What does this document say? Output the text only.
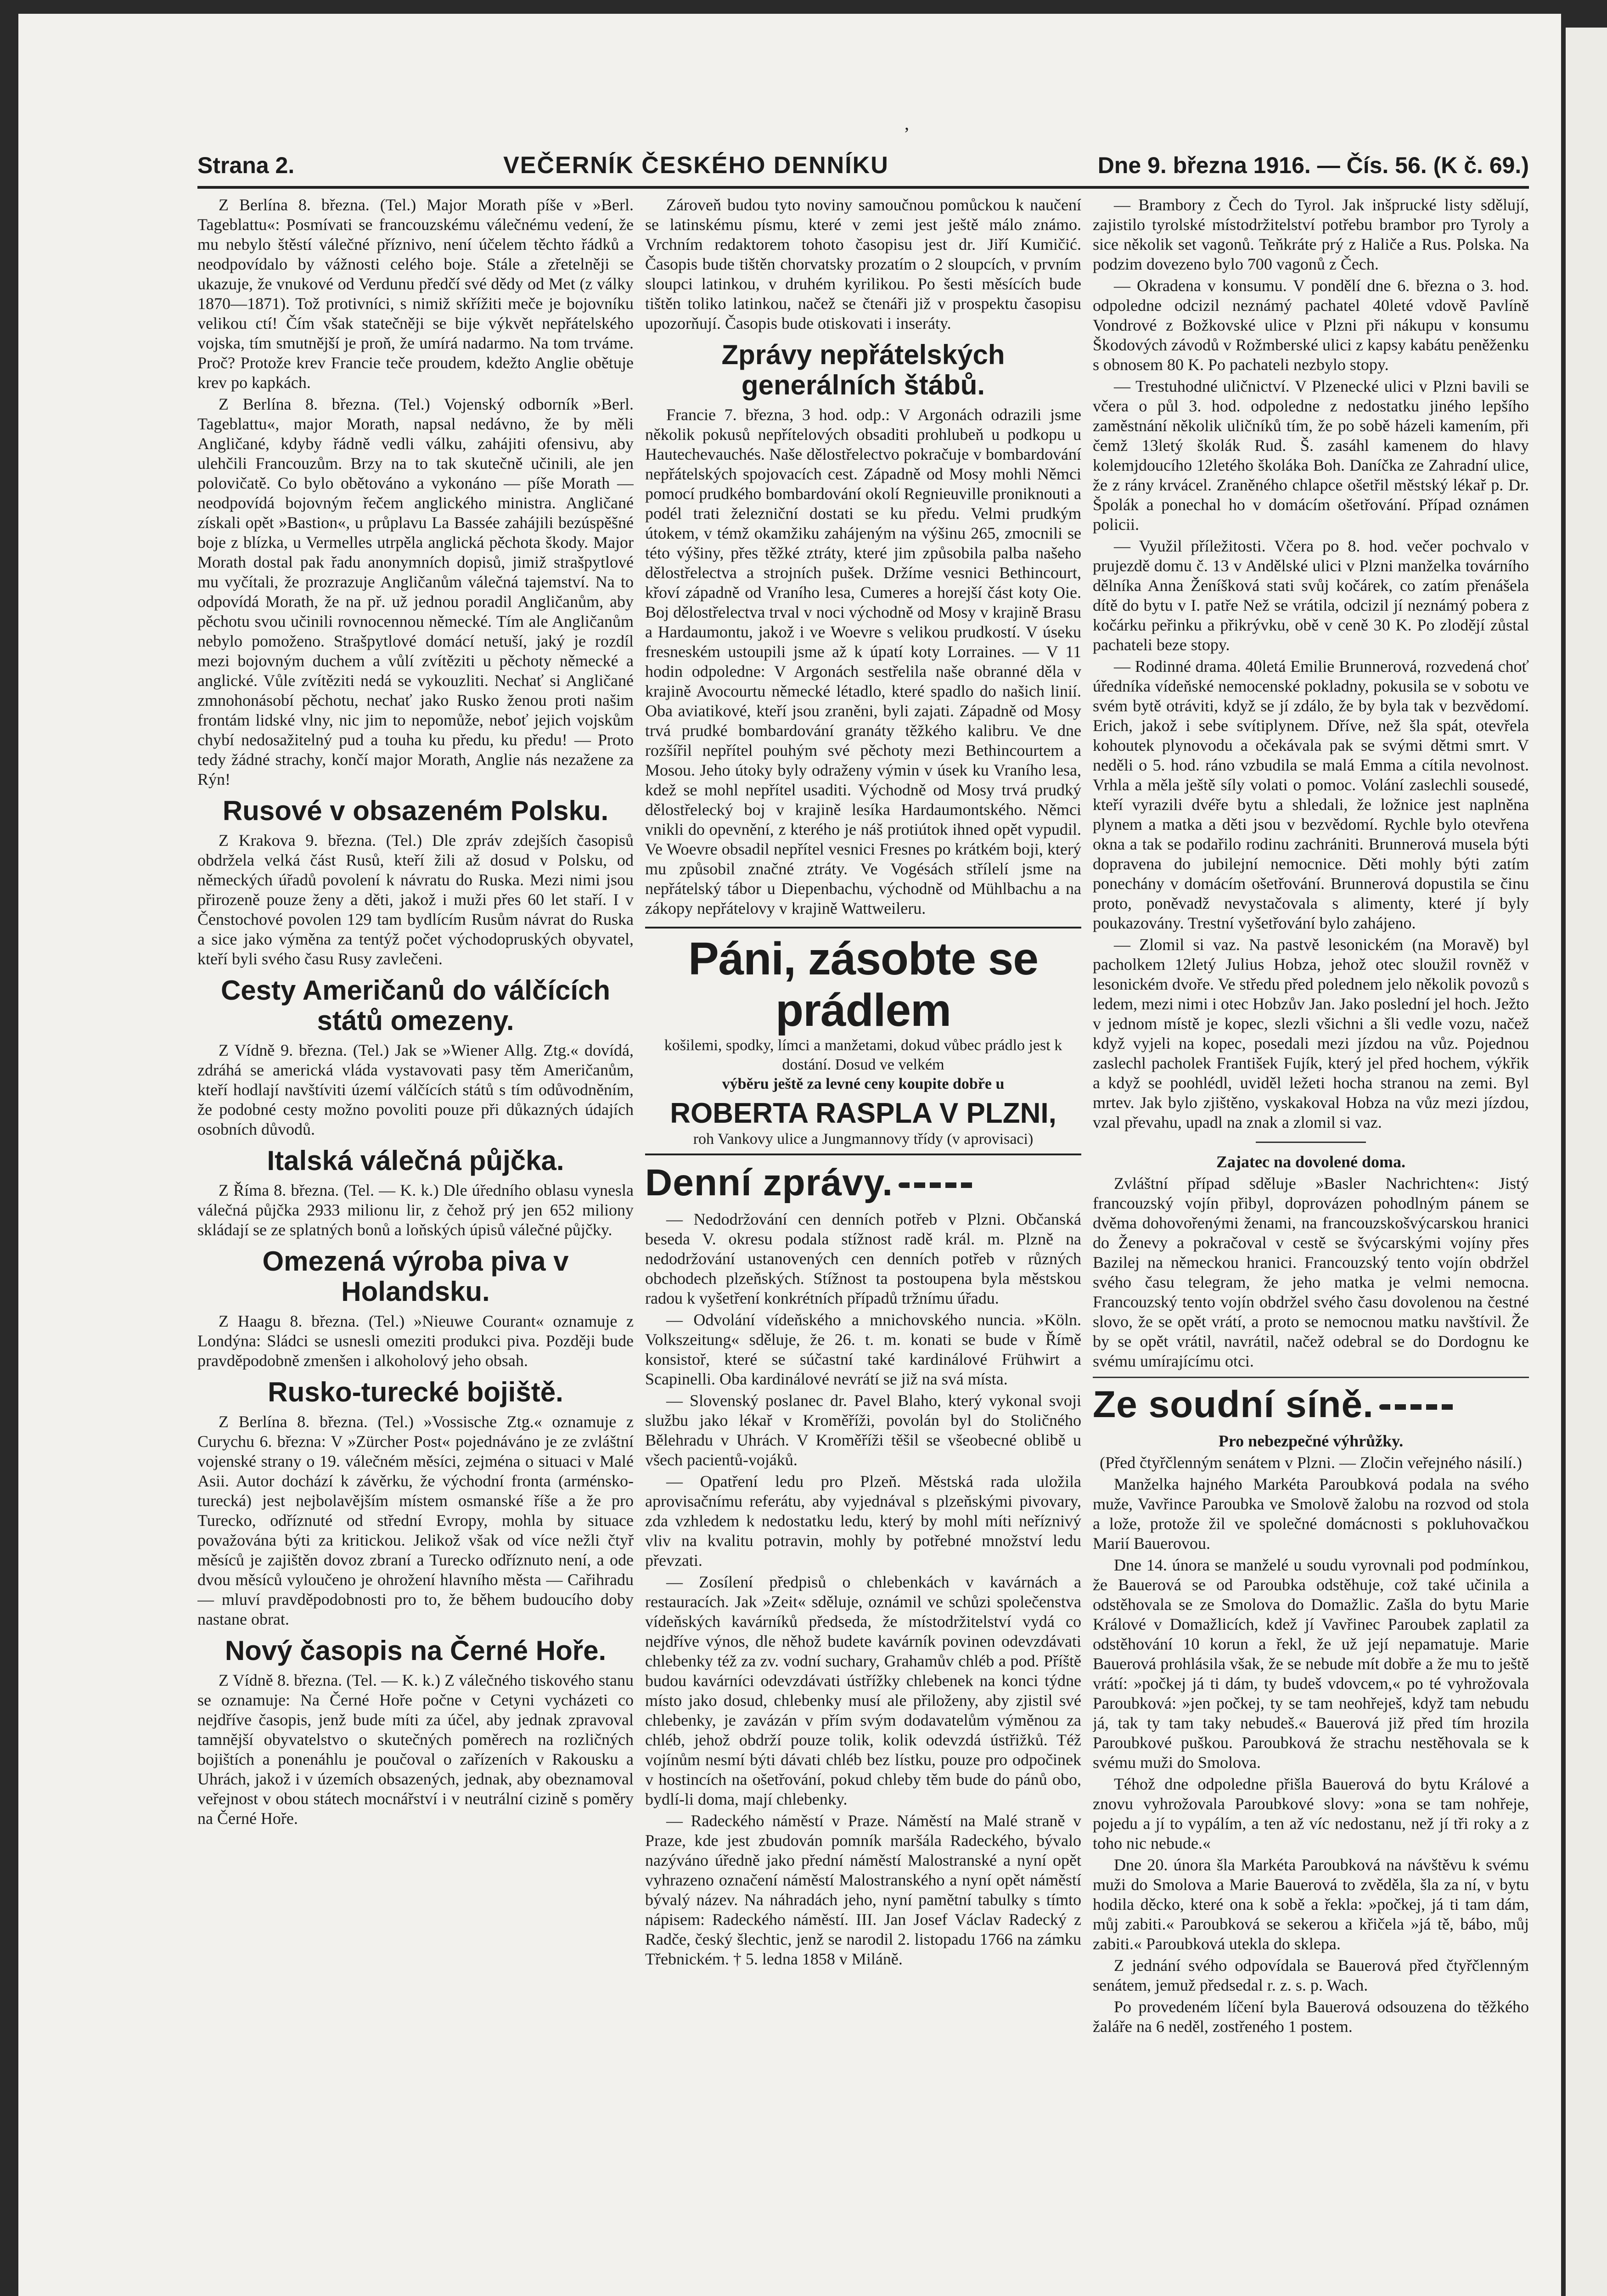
,
Strana 2.	VEČERNÍK ČESKÉHO DENNÍKU	Dne 9. března 1916. — Čís. 56. (K č. 69.)

Z Berlína 8. března. (Tel.) Major Morath píše v »Berl. Tageblattu«: Posmívati se francouzskému válečnému vedení, že mu nebylo štěstí válečné příznivo, není účelem těchto řádků a neodpovídalo by vážnosti celého boje. Stále a zřetelněji se ukazuje, že vnukové od Verdunu předčí své dědy od Met (z války 1870—1871). Tož protivníci, s nimiž skřížiti meče je bojovníku velikou ctí! Čím však statečněji se bije výkvět nepřátelského vojska, tím smutnější je proň, že umírá nadarmo. Na tom trváme. Proč? Protože krev Francie teče proudem, kdežto Anglie obětuje krev po kapkách.

Z Berlína 8. března. (Tel.) Vojenský odborník »Berl. Tageblattu«, major Morath, napsal nedávno, že by měli Angličané, kdyby řádně vedli válku, zahájiti ofensivu, aby ulehčili Francouzům. Brzy na to tak skutečně učinili, ale jen polovičatě. Co bylo obětováno a vykonáno — píše Morath — neodpovídá bojovným řečem anglického ministra. Angličané získali opět »Bastion«, u průplavu La Bassée zahájili bezúspěšné boje z blízka, u Vermelles utrpěla anglická pěchota škody. Major Morath dostal pak řadu anonymních dopisů, jimiž strašpytlové mu vyčítali, že prozrazuje Angličanům válečná tajemství. Na to odpovídá Morath, že na př. už jednou poradil Angličanům, aby pěchotu svou učinili rovnocennou německé. Tím ale Angličanům nebylo pomoženo. Strašpytlové domácí netuší, jaký je rozdíl mezi bojovným duchem a vůlí zvítěziti u pěchoty německé a anglické. Vůle zvítěziti nedá se vykouzliti. Nechať si Angličané zmnohonásobí pěchotu, nechať jako Rusko ženou proti našim frontám lidské vlny, nic jim to nepomůže, neboť jejich vojskům chybí nedosažitelný pud a touha ku předu, ku předu! — Proto tedy žádné strachy, končí major Morath, Anglie nás nezažene za Rýn!

Rusové v obsazeném Polsku.

Z Krakova 9. března. (Tel.) Dle zpráv zdejších časopisů obdržela velká část Rusů, kteří žili až dosud v Polsku, od německých úřadů povolení k návratu do Ruska. Mezi nimi jsou přirozeně pouze ženy a děti, jakož i muži přes 60 let staří. I v Čenstochové povolen 129 tam bydlícím Rusům návrat do Ruska a sice jako výměna za tentýž počet východopruských obyvatel, kteří byli svého času Rusy zavlečeni.

Cesty Američanů do válčících států omezeny.

Z Vídně 9. března. (Tel.) Jak se »Wiener Allg. Ztg.« dovídá, zdráhá se americká vláda vystavovati pasy těm Američanům, kteří hodlají navštíviti území válčících států s tím odůvodněním, že podobné cesty možno povoliti pouze při důkazných údajích osobních důvodů.

Italská válečná půjčka.

Z Říma 8. března. (Tel. — K. k.) Dle úředního oblasu vynesla válečná půjčka 2933 milionu lir, z čehož prý jen 652 miliony skládají se ze splatných bonů a loňských úpisů válečné půjčky.

Omezená výroba piva v Holandsku.

Z Haagu 8. března. (Tel.) »Nieuwe Courant« oznamuje z Londýna: Sládci se usnesli omeziti produkci piva. Později bude pravděpodobně zmenšen i alkoholový jeho obsah.

Rusko-turecké bojiště.

Z Berlína 8. března. (Tel.) »Vossische Ztg.« oznamuje z Curychu 6. března: V »Zürcher Post« pojednáváno je ze zvláštní vojenské strany o 19. válečném měsíci, zejména o situaci v Malé Asii. Autor dochází k závěrku, že východní fronta (arménsko-turecká) jest nejbolavějším místem osmanské říše a že pro Turecko, odříznuté od střední Evropy, mohla by situace považována býti za kritickou. Jelikož však od více nežli čtyř měsíců je zajištěn dovoz zbraní a Turecko odříznuto není, a ode dvou měsíců vyloučeno je ohrožení hlavního města — Cařihradu — mluví pravděpodobnosti pro to, že během budoucího doby nastane obrat.

Nový časopis na Černé Hoře.

Z Vídně 8. března. (Tel. — K. k.) Z válečného tiskového stanu se oznamuje: Na Černé Hoře počne v Cetyni vycházeti co nejdříve časopis, jenž bude míti za účel, aby jednak zpravoval tamnější obyvatelstvo o skutečných poměrech na rozličných bojištích a ponenáhlu je poučoval o zařízeních v Rakousku a Uhrách, jakož i v územích obsazených, jednak, aby obeznamoval veřejnost v obou státech mocnářství i v neutrální cizině s poměry na Černé Hoře.

Zároveň budou tyto noviny samoučnou pomůckou k naučení se latinskému písmu, které v zemi jest ještě málo známo. Vrchním redaktorem tohoto časopisu jest dr. Jiří Kumičić. Časopis bude tištěn chorvatsky prozatím o 2 sloupcích, v prvním sloupci latinkou, v druhém kyrilikou. Po šesti měsících bude tištěn toliko latinkou, načež se čtenáři již v prospektu časopisu upozorňují. Časopis bude otiskovati i inseráty.

Zprávy nepřátelských generálních štábů.

Francie 7. března, 3 hod. odp.: V Argonách odrazili jsme několik pokusů nepřítelových obsaditi prohlubeň u podkopu u Hautechevauchés. Naše dělostřelectvo pokračuje v bombardování nepřátelských spojovacích cest. Západně od Mosy mohli Němci pomocí prudkého bombardování okolí Regnieuville proniknouti a podél trati železniční dostati se ku předu. Velmi prudkým útokem, v témž okamžiku zahájeným na výšinu 265, zmocnili se této výšiny, přes těžké ztráty, které jim způsobila palba našeho dělostřelectva a strojních pušek. Držíme vesnici Bethincourt, křoví západně od Vraního lesa, Cumeres a horejší část koty Oie. Boj dělostřelectva trval v noci východně od Mosy v krajině Brasu a Hardaumontu, jakož i ve Woevre s velikou prudkostí. V úseku fresneském ustoupili jsme až k úpatí koty Lorraines. — V 11 hodin odpoledne: V Argonách sestřelila naše obranné děla v krajině Avocourtu německé létadlo, které spadlo do našich linií. Oba aviatikové, kteří jsou zraněni, byli zajati. Západně od Mosy trvá prudké bombardování granáty těžkého kalibru. Ve dne rozšířil nepřítel pouhým své pěchoty mezi Bethincourtem a Mosou. Jeho útoky byly odraženy výmin v úsek ku Vraního lesa, kdež se mohl nepřítel usaditi. Východně od Mosy trvá prudký dělostřelecký boj v krajině lesíka Hardaumontského. Němci vnikli do opevnění, z kterého je náš protiútok ihned opět vypudil. Ve Woevre obsadil nepřítel vesnici Fresnes po krátkém boji, který mu způsobil značné ztráty. Ve Vogésách střílelí jsme na nepřátelský tábor u Diepenbachu, východně od Mühlbachu a na zákopy nepřátelovy v krajině Wattweileru.

Páni, zásobte se prádlem
košilemi, spodky, límci a manžetami, dokud vůbec prádlo jest k dostání. Dosud ve velkém
výběru ještě za levné ceny koupite dobře u
ROBERTA RASPLA V PLZNI,
roh Vankovy ulice a Jungmannovy třídy (v aprovisaci)
Denní zprávy.

— Nedodržování cen denních potřeb v Plzni. Občanská beseda V. okresu podala stížnost radě král. m. Plzně na nedodržování ustanovených cen denních potřeb v různých obchodech plzeňských. Stížnost ta postoupena byla městskou radou k vyšetření konkrétních případů tržnímu úřadu.

— Odvolání vídeňského a mnichovského nuncia. »Köln. Volkszeitung« sděluje, že 26. t. m. konati se bude v Římě konsistoř, které se súčastní také kardinálové Frühwirt a Scapinelli. Oba kardinálové nevrátí se již na svá místa.

— Slovenský poslanec dr. Pavel Blaho, který vykonal svoji službu jako lékař v Kroměříži, povolán byl do Stoličného Bělehradu v Uhrách. V Kroměříži těšil se všeobecné oblibě u všech pacientů-vojáků.

— Opatření ledu pro Plzeň. Městská rada uložila aprovisačnímu referátu, aby vyjednával s plzeňskými pivovary, zda vzhledem k nedostatku ledu, který by mohl míti neříznivý vliv na kvalitu potravin, mohly by potřebné množství ledu převzati.

— Zosílení předpisů o chlebenkách v kavárnách a restauracích. Jak »Zeit« sděluje, oznámil ve schůzi společenstva vídeňských kavárníků předseda, že místodržitelství vydá co nejdříve výnos, dle něhož budete kavárník povinen odevzdávati chlebenky též za zv. vodní suchary, Grahamův chléb a pod. Příště budou kavárníci odevzdávati ústřížky chlebenek na konci týdne místo jako dosud, chlebenky musí ale přiloženy, aby zjistil své chlebenky, je zavázán v přím svým dodavatelům výměnou za chléb, jehož obdrží pouze tolik, kolik odevzdá ústřižků. Též vojínům nesmí býti dávati chléb bez lístku, pouze pro odpočinek v hostincích na ošetřování, pokud chleby těm bude do pánů obo, bydlí-li doma, mají chlebenky.

— Radeckého náměstí v Praze. Náměstí na Malé straně v Praze, kde jest zbudován pomník maršála Radeckého, bývalo nazýváno úředně jako přední náměstí Malostranské a nyní opět vyhrazeno označení náměstí Malostranského a nyní opět náměstí bývalý název. Na náhradách jeho, nyní pamětní tabulky s tímto nápisem: Radeckého náměstí. III. Jan Josef Václav Radecký z Radče, český šlechtic, jenž se narodil 2. listopadu 1766 na zámku Třebnickém. † 5. ledna 1858 v Miláně.

— Brambory z Čech do Tyrol. Jak inšprucké listy sdělují, zajistilo tyrolské místodržitelství potřebu brambor pro Tyroly a sice několik set vagonů. Teňkráte prý z Haliče a Rus. Polska. Na podzim dovezeno bylo 700 vagonů z Čech.

— Okradena v konsumu. V pondělí dne 6. března o 3. hod. odpoledne odcizil neznámý pachatel 40leté vdově Pavlíně Vondrové z Božkovské ulice v Plzni při nákupu v konsumu Škodových závodů v Rožmberské ulici z kapsy kabátu peněženku s obnosem 80 K. Po pachateli nezbylo stopy.

— Trestuhodné uličnictví. V Plzenecké ulici v Plzni bavili se včera o půl 3. hod. odpoledne z nedostatku jiného lepšího zaměstnání několik uličníků tím, že po sobě házeli kamením, při čemž 13letý školák Rud. Š. zasáhl kamenem do hlavy kolemjdoucího 12letého školáka Boh. Daníčka ze Zahradní ulice, že z rány krvácel. Zraněného chlapce ošetřil městský lékař p. Dr. Špolák a ponechal ho v domácím ošetřování. Případ oznámen policii.

— Využil příležitosti. Včera po 8. hod. večer pochvalo v prujezdě domu č. 13 v Andělské ulici v Plzni manželka továrního dělníka Anna Ženíšková stati svůj kočárek, co zatím přenášela dítě do bytu v I. patře Než se vrátila, odcizil jí neznámý pobera z kočárku peřinku a přikrývku, obě v ceně 30 K. Po zlodějí zůstal pachateli beze stopy.

— Rodinné drama. 40letá Emilie Brunnerová, rozvedená choť úředníka vídeňské nemocenské pokladny, pokusila se v sobotu ve svém bytě otráviti, když se jí zdálo, že by byla tak v bezvědomí. Erich, jakož i sebe svítiplynem. Dříve, než šla spát, otevřela kohoutek plynovodu a očekávala pak se svými dětmi smrt. V neděli o 5. hod. ráno vzbudila se malá Emma a cítila nevolnost. Vrhla a měla ještě síly volati o pomoc. Volání zaslechli sousedé, kteří vyrazili dvéře bytu a shledali, že ložnice jest naplněna plynem a matka a děti jsou v bezvědomí. Rychle bylo otevřena okna a tak se podařilo rodinu zachrániti. Brunnerová musela býti dopravena do jubilejní nemocnice. Děti mohly býti zatím ponechány v domácím ošetřování. Brunnerová dopustila se činu proto, poněvadž nevystačovala s alimenty, které jí byly poukazovány. Trestní vyšetřování bylo zahájeno.

— Zlomil si vaz. Na pastvě lesonickém (na Moravě) byl pacholkem 12letý Julius Hobza, jehož otec sloužil rovněž v lesonickém dvoře. Ve středu před polednem jelo několik povozů s ledem, mezi nimi i otec Hobzův Jan. Jako poslední jel hoch. Ježto v jednom místě je kopec, slezli všichni a šli vedle vozu, načež když vyjeli na kopec, posedali mezi jízdou na vůz. Pojednou zaslechl pacholek František Fujík, který jel před hochem, výkřik a když se poohlédl, uviděl ležeti hocha stranou na zemi. Byl mrtev. Jak bylo zjištěno, vyskakoval Hobza na vůz mezi jízdou, vzal převahu, upadl na znak a zlomil si vaz.

Zajatec na dovolené doma.

Zvláštní případ sděluje »Basler Nachrichten«: Jistý francouzský vojín přibyl, doprovázen pohodlným pánem se dvěma dohovořenými ženami, na francouzskošvýcarskou hranici do Ženevy a pokračoval v cestě se švýcarskými vojíny přes Bazilej na německou hranici. Francouzský tento vojín obdržel svého času telegram, že jeho matka je velmi nemocna. Francouzský tento vojín obdržel svého času dovolenou na čestné slovo, že se opět vrátí, a proto se nemocnou matku navštívil. Že by se opět vrátil, navrátil, načež odebral se do Dordognu ke svému umírajícímu otci.

Ze soudní síně.

Pro nebezpečné výhrůžky.

(Před čtyřčlenným senátem v Plzni. — Zločin veřejného násilí.)

Manželka hajného Markéta Paroubková podala na svého muže, Vavřince Paroubka ve Smolově žalobu na rozvod od stola a lože, protože žil ve společné domácnosti s pokluhovačkou Marií Bauerovou.

Dne 14. února se manželé u soudu vyrovnali pod podmínkou, že Bauerová se od Paroubka odstěhuje, což také učinila a odstěhovala se ze Smolova do Domažlic. Zašla do bytu Marie Králové v Domažlicích, kdež jí Vavřinec Paroubek zaplatil za odstěhování 10 korun a řekl, že už její nepamatuje. Marie Bauerová prohlásila však, že se nebude mít dobře a že mu to ještě vrátí: »počkej já ti dám, ty budeš vdovcem,« po té vyhrožovala Paroubková: »jen počkej, ty se tam neohřeješ, když tam nebudu já, tak ty tam taky nebudeš.« Bauerová již před tím hrozila Paroubkové puškou. Paroubková že strachu nestěhovala se k svému muži do Smolova.

Téhož dne odpoledne přišla Bauerová do bytu Králové a znovu vyhrožovala Paroubkové slovy: »ona se tam nohřeje, pojedu a jí to vypálím, a ten až víc nedostanu, než jí tři roky a z toho nic nebude.«

Dne 20. února šla Markéta Paroubková na návštěvu k svému muži do Smolova a Marie Bauerová to zvěděla, šla za ní, v bytu hodila děcko, které ona k sobě a řekla: »počkej, já ti tam dám, můj zabiti.« Paroubková se sekerou a křičela »já tě, bábo, můj zabiti.« Paroubková utekla do sklepa.

Z jednání svého odpovídala se Bauerová před čtyřčlenným senátem, jemuž předsedal r. z. s. p. Wach.

Po provedeném líčení byla Bauerová odsouzena do těžkého žaláře na 6 neděl, zostřeného 1 postem.
